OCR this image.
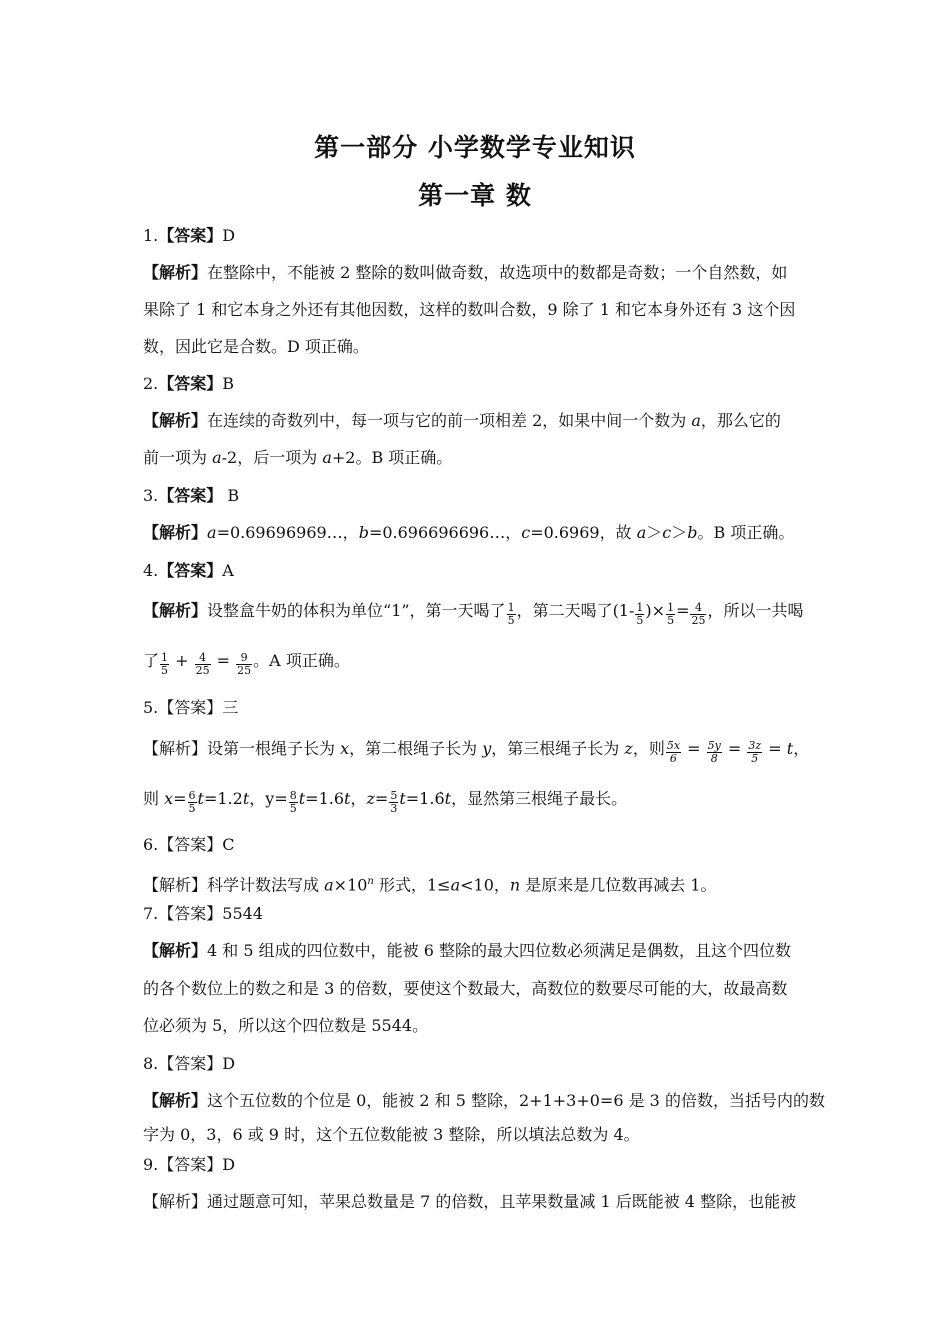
第一部分 小学数学专业知识
第一章 数
1.【答案】D
【解析】在整除中，不能被 2 整除的数叫做奇数，故选项中的数都是奇数；一个自然数，如
果除了 1 和它本身之外还有其他因数，这样的数叫合数，9 除了 1 和它本身外还有 3 这个因
数，因此它是合数。D 项正确。
2.【答案】B
【解析】在连续的奇数列中，每一项与它的前一项相差 2，如果中间一个数为 a，那么它的
前一项为 a-2，后一项为 a+2。B 项正确。
3.【答案】 B
【解析】a=0.69696969…，b=0.696696696…，c=0.6969，故 a＞c＞b。B 项正确。
4.【答案】A
【解析】设整盒牛奶的体积为单位“1”，第一天喝了 $\frac{1}{5}$ ，第二天喝了($1- \frac{1}{5}$ )× $\frac{1}{5} = \frac{4}{25}$ ，所以一共喝
了 $\frac{1}{5} + \frac{4}{25} = \frac{9}{25}$ 。A 项正确。
5.【答案】三
【解析】设第一根绳子长为 x，第二根绳子长为 y，第三根绳子长为 z，则 $\frac{5x}{6} = \frac{5y}{8} = \frac{3z}{5} = t$，
则 $x= \frac{6}{5} t=1.2t$，$y= \frac{8}{5} t=1.6t$，$z= \frac{5}{3}$ t=1.6̇t，显然第三根绳子最长。
6.【答案】C
【解析】科学计数法写成 $a\times 10^n$ 形式，1≤a<10，n 是原来是几位数再减去 1。
7.【答案】5544
【解析】4 和 5 组成的四位数中，能被 6 整除的最大四位数必须满足是偶数，且这个四位数
的各个数位上的数之和是 3 的倍数，要使这个数最大，高数位的数要尽可能的大，故最高数
位必须为 5，所以这个四位数是 5544。
8.【答案】D
【解析】这个五位数的个位是 0，能被 2 和 5 整除，2+1+3+0=6 是 3 的倍数，当括号内的数
字为 0，3，6 或 9 时，这个五位数能被 3 整除，所以填法总数为 4。
9.【答案】D
【解析】通过题意可知，苹果总数量是 7 的倍数，且苹果数量减 1 后既能被 4 整除，也能被
